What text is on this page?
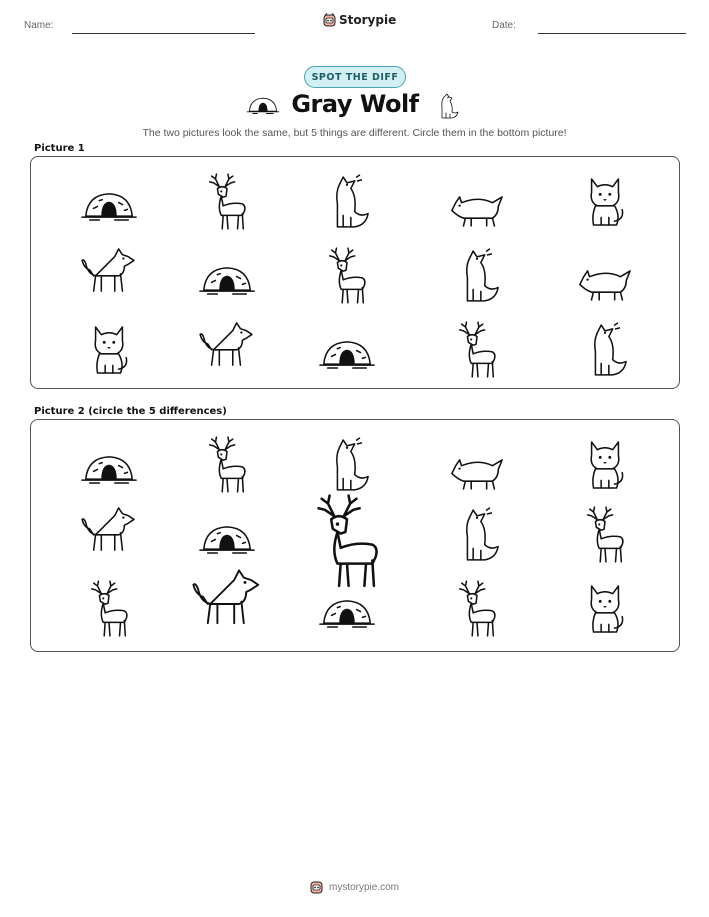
Name:	Storypie	Date:
SPOT THE DIFF
Gray Wolf
The two pictures look the same, but 5 things are different. Circle them in the bottom picture!
Picture 1
Picture 2 (circle the 5 differences)
mystorypie.com
